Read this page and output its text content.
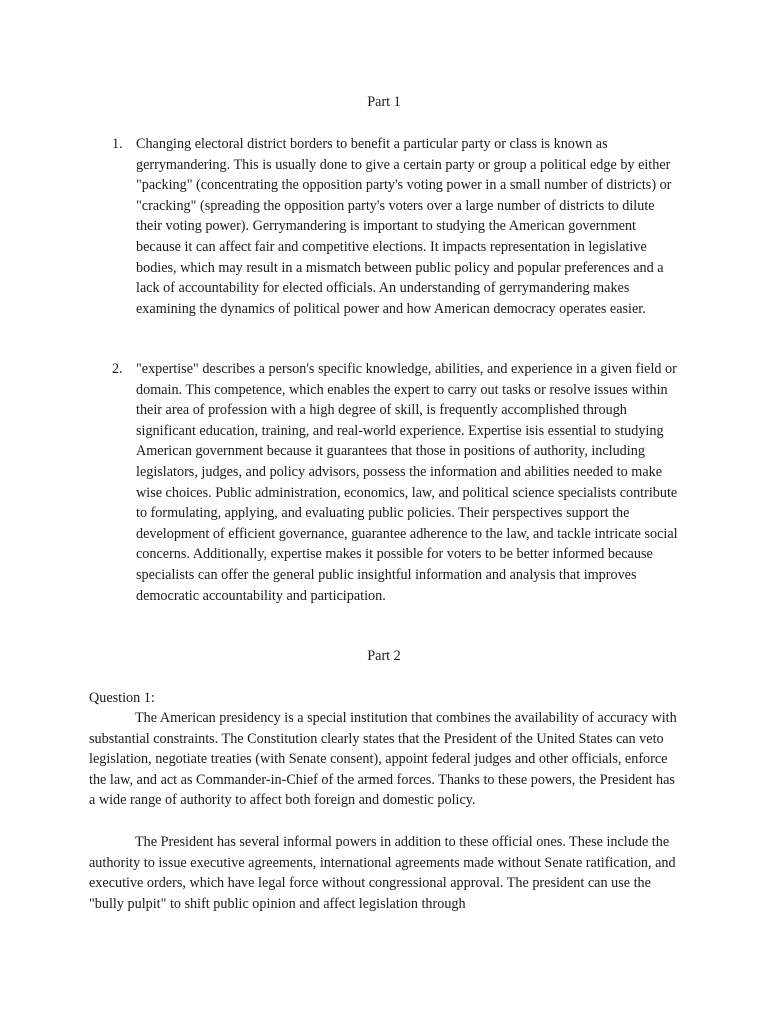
Part 1
1. Changing electoral district borders to benefit a particular party or class is known as gerrymandering. This is usually done to give a certain party or group a political edge by either "packing" (concentrating the opposition party's voting power in a small number of districts) or "cracking" (spreading the opposition party's voters over a large number of districts to dilute their voting power). Gerrymandering is important to studying the American government because it can affect fair and competitive elections. It impacts representation in legislative bodies, which may result in a mismatch between public policy and popular preferences and a lack of accountability for elected officials. An understanding of gerrymandering makes examining the dynamics of political power and how American democracy operates easier.
2. "expertise" describes a person's specific knowledge, abilities, and experience in a given field or domain. This competence, which enables the expert to carry out tasks or resolve issues within their area of profession with a high degree of skill, is frequently accomplished through significant education, training, and real-world experience. Expertise isis essential to studying American government because it guarantees that those in positions of authority, including legislators, judges, and policy advisors, possess the information and abilities needed to make wise choices. Public administration, economics, law, and political science specialists contribute to formulating, applying, and evaluating public policies. Their perspectives support the development of efficient governance, guarantee adherence to the law, and tackle intricate social concerns. Additionally, expertise makes it possible for voters to be better informed because specialists can offer the general public insightful information and analysis that improves democratic accountability and participation.
Part 2
Question 1:
The American presidency is a special institution that combines the availability of accuracy with substantial constraints. The Constitution clearly states that the President of the United States can veto legislation, negotiate treaties (with Senate consent), appoint federal judges and other officials, enforce the law, and act as Commander-in-Chief of the armed forces. Thanks to these powers, the President has a wide range of authority to affect both foreign and domestic policy.
The President has several informal powers in addition to these official ones. These include the authority to issue executive agreements, international agreements made without Senate ratification, and executive orders, which have legal force without congressional approval. The president can use the "bully pulpit" to shift public opinion and affect legislation through
